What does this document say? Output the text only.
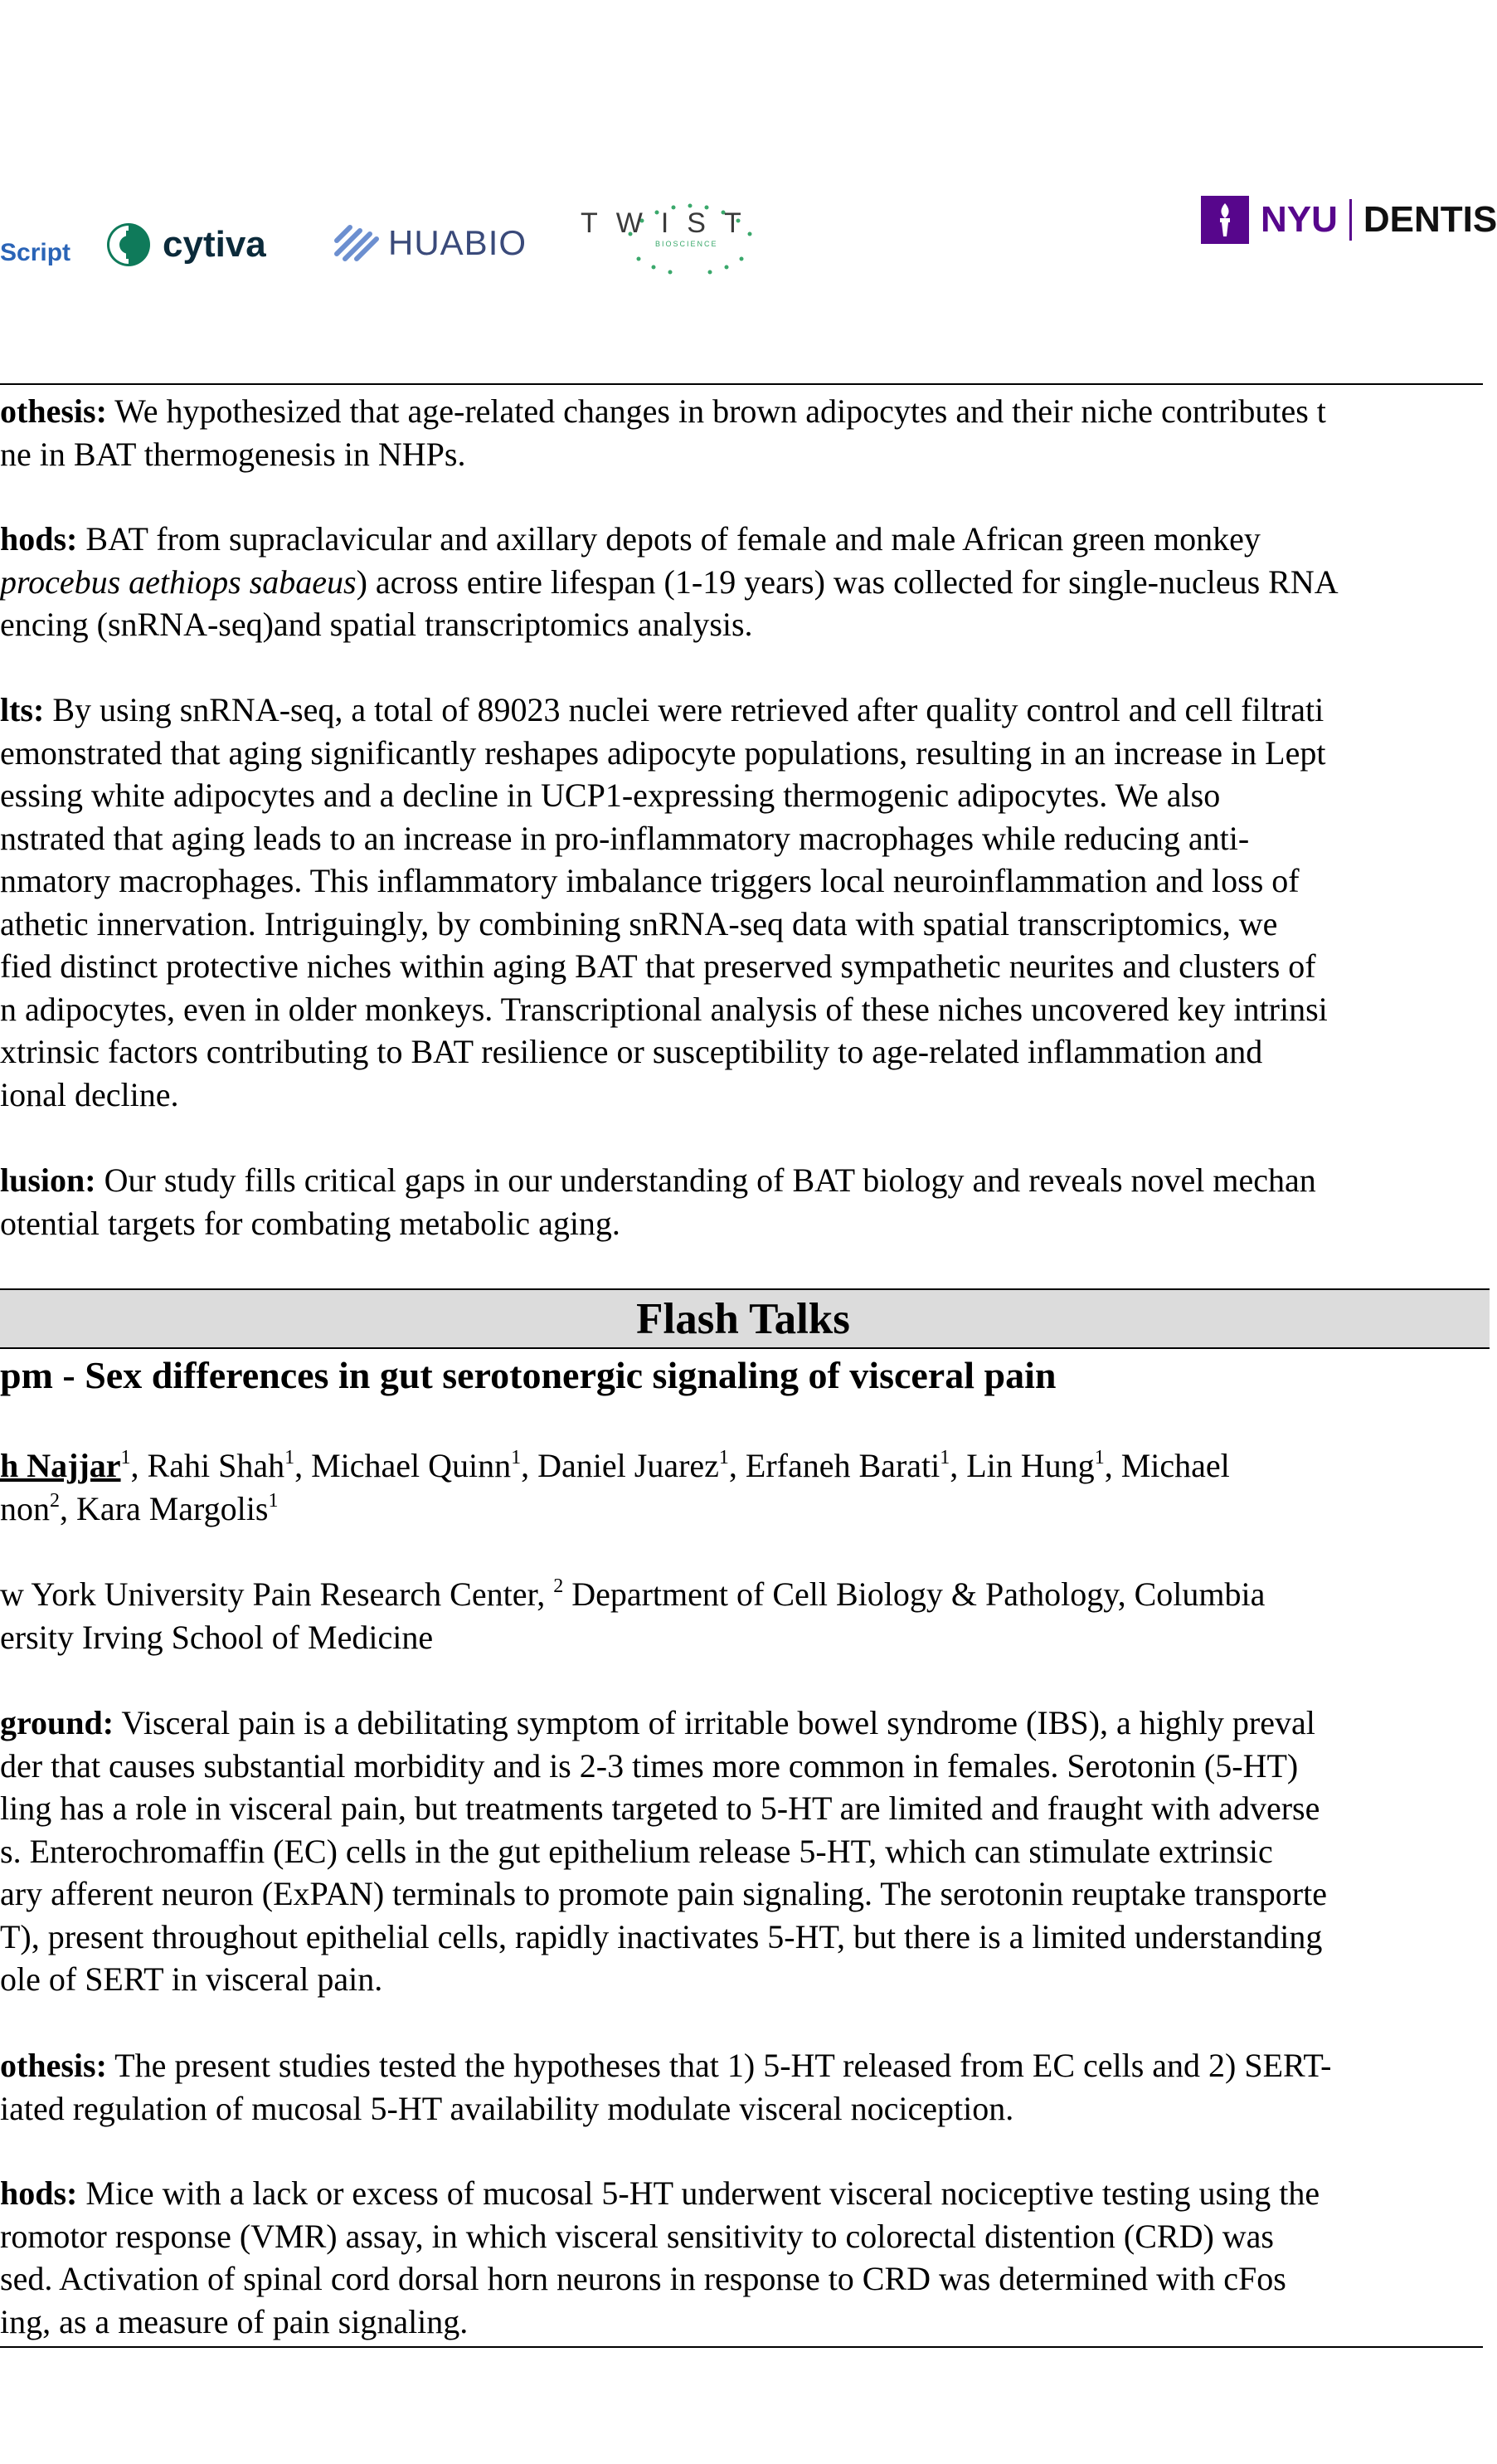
Script	cytiva	HUABIO TWIST
BIOSCIENCE
NYU DENTIS
othesis: We hypothesized that age-related changes in brown adipocytes and their niche contributes t
ne in BAT thermogenesis in NHPs.
hods: BAT from supraclavicular and axillary depots of female and male African green monkey
procebus aethiops sabaeus) across entire lifespan (1-19 years) was collected for single-nucleus RNA
encing (snRNA-seq)and spatial transcriptomics analysis.
lts: By using snRNA-seq, a total of 89023 nuclei were retrieved after quality control and cell filtrati
emonstrated that aging significantly reshapes adipocyte populations, resulting in an increase in Lept
essing white adipocytes and a decline in UCP1-expressing thermogenic adipocytes. We also
nstrated that aging leads to an increase in pro-inflammatory macrophages while reducing anti-
nmatory macrophages. This inflammatory imbalance triggers local neuroinflammation and loss of
athetic innervation. Intriguingly, by combining snRNA-seq data with spatial transcriptomics, we
fied distinct protective niches within aging BAT that preserved sympathetic neurites and clusters of
n adipocytes, even in older monkeys. Transcriptional analysis of these niches uncovered key intrinsi
xtrinsic factors contributing to BAT resilience or susceptibility to age-related inflammation and
ional decline.
lusion: Our study fills critical gaps in our understanding of BAT biology and reveals novel mechan
otential targets for combating metabolic aging.
Flash Talks
pm - Sex differences in gut serotonergic signaling of visceral pain
h Najjar$^1$, Rahi Shah$^1$, Michael Quinn$^1$, Daniel Juarez$^1$, Erfaneh Barati$^1$, Lin Hung$^1$, Michael
non$^2$, Kara Margolis$^1$
w York University Pain Research Center, $^2$ Department of Cell Biology & Pathology, Columbia
ersity Irving School of Medicine
ground: Visceral pain is a debilitating symptom of irritable bowel syndrome (IBS), a highly preval
der that causes substantial morbidity and is 2-3 times more common in females. Serotonin (5-HT)
ling has a role in visceral pain, but treatments targeted to 5-HT are limited and fraught with adverse
s. Enterochromaffin (EC) cells in the gut epithelium release 5-HT, which can stimulate extrinsic
ary afferent neuron (ExPAN) terminals to promote pain signaling. The serotonin reuptake transporte
T), present throughout epithelial cells, rapidly inactivates 5-HT, but there is a limited understanding
ole of SERT in visceral pain.
othesis: The present studies tested the hypotheses that 1) 5-HT released from EC cells and 2) SERT-
iated regulation of mucosal 5-HT availability modulate visceral nociception.
hods: Mice with a lack or excess of mucosal 5-HT underwent visceral nociceptive testing using the
romotor response (VMR) assay, in which visceral sensitivity to colorectal distention (CRD) was
sed. Activation of spinal cord dorsal horn neurons in response to CRD was determined with cFos
ing, as a measure of pain signaling.
